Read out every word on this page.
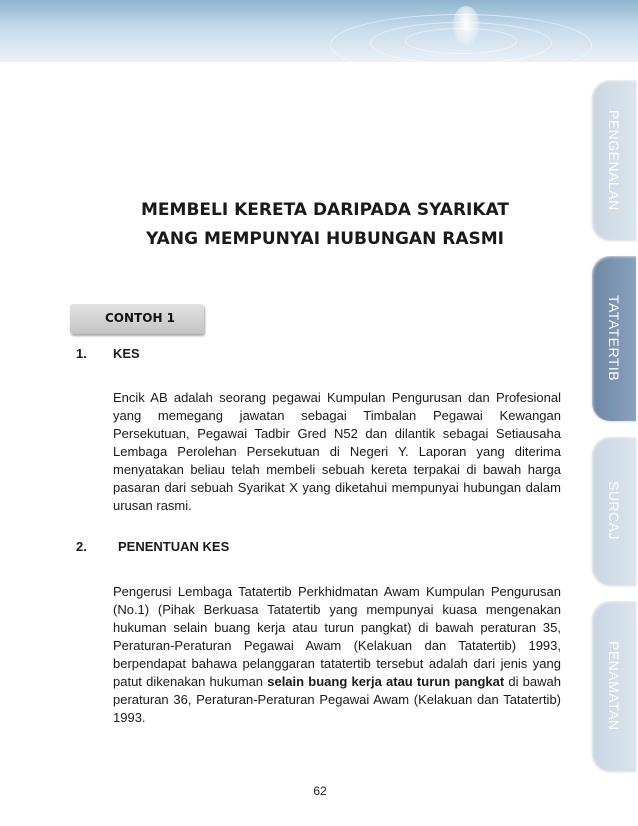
PENGENALAN
TATATERTIB
SURCAJ
PENAMATAN
MEMBELI KERETA DARIPADA SYARIKAT
YANG MEMPUNYAI HUBUNGAN RASMI
CONTOH 1
1. KES
Encik AB adalah seorang pegawai Kumpulan Pengurusan dan Profesional yang memegang jawatan sebagai Timbalan Pegawai Kewangan Persekutuan, Pegawai Tadbir Gred N52 dan dilantik sebagai Setiausaha Lembaga Perolehan Persekutuan di Negeri Y. Laporan yang diterima menyatakan beliau telah membeli sebuah kereta terpakai di bawah harga pasaran dari sebuah Syarikat X yang diketahui mempunyai hubungan dalam urusan rasmi.
2. PENENTUAN KES
Pengerusi Lembaga Tatatertib Perkhidmatan Awam Kumpulan Pengurusan (No.1) (Pihak Berkuasa Tatatertib yang mempunyai kuasa mengenakan hukuman selain buang kerja atau turun pangkat) di bawah peraturan 35, Peraturan-Peraturan Pegawai Awam (Kelakuan dan Tatatertib) 1993, berpendapat bahawa pelanggaran tatatertib tersebut adalah dari jenis yang patut dikenakan hukuman selain buang kerja atau turun pangkat di bawah peraturan 36, Peraturan-Peraturan Pegawai Awam (Kelakuan dan Tatatertib) 1993.
62
